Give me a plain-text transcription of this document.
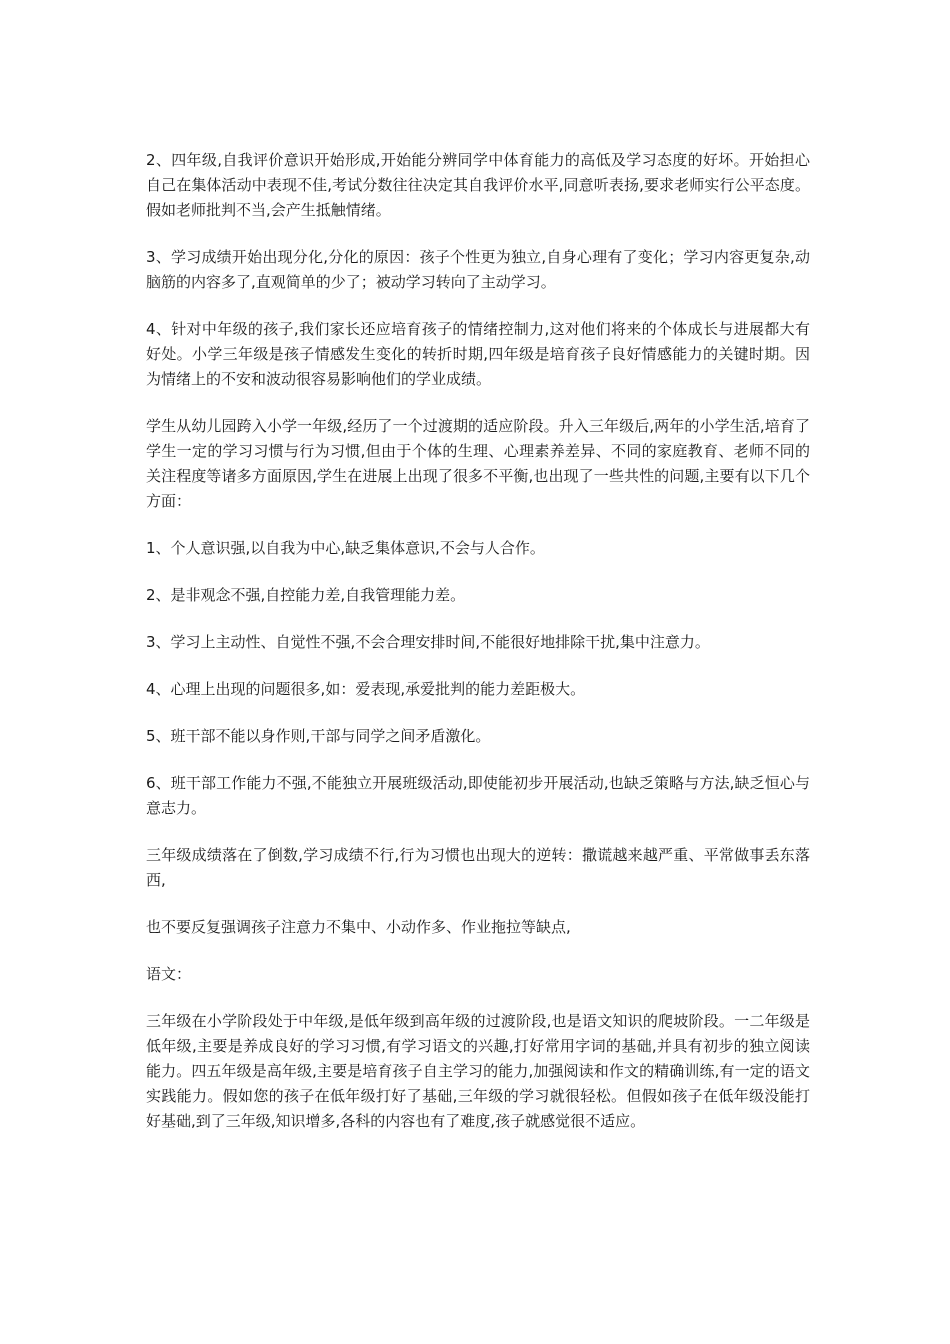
2、四年级,自我评价意识开始形成,开始能分辨同学中体育能力的高低及学习态度的好坏。开始担心自己在集体活动中表现不佳,考试分数往往决定其自我评价水平,同意听表扬,要求老师实行公平态度。假如老师批判不当,会产生抵触情绪。

3、学习成绩开始出现分化,分化的原因：孩子个性更为独立,自身心理有了变化；学习内容更复杂,动脑筋的内容多了,直观简单的少了；被动学习转向了主动学习。

4、针对中年级的孩子,我们家长还应培育孩子的情绪控制力,这对他们将来的个体成长与进展都大有好处。小学三年级是孩子情感发生变化的转折时期,四年级是培育孩子良好情感能力的关键时期。因为情绪上的不安和波动很容易影响他们的学业成绩。

学生从幼儿园跨入小学一年级,经历了一个过渡期的适应阶段。升入三年级后,两年的小学生活,培育了学生一定的学习习惯与行为习惯,但由于个体的生理、心理素养差异、不同的家庭教育、老师不同的关注程度等诸多方面原因,学生在进展上出现了很多不平衡,也出现了一些共性的问题,主要有以下几个方面：

1、个人意识强,以自我为中心,缺乏集体意识,不会与人合作。

2、是非观念不强,自控能力差,自我管理能力差。

3、学习上主动性、自觉性不强,不会合理安排时间,不能很好地排除干扰,集中注意力。

4、心理上出现的问题很多,如：爱表现,承爱批判的能力差距极大。

5、班干部不能以身作则,干部与同学之间矛盾激化。

6、班干部工作能力不强,不能独立开展班级活动,即使能初步开展活动,也缺乏策略与方法,缺乏恒心与意志力。

三年级成绩落在了倒数,学习成绩不行,行为习惯也出现大的逆转：撒谎越来越严重、平常做事丢东落西,

也不要反复强调孩子注意力不集中、小动作多、作业拖拉等缺点,

语文：

三年级在小学阶段处于中年级,是低年级到高年级的过渡阶段,也是语文知识的爬坡阶段。一二年级是低年级,主要是养成良好的学习习惯,有学习语文的兴趣,打好常用字词的基础,并具有初步的独立阅读能力。四五年级是高年级,主要是培育孩子自主学习的能力,加强阅读和作文的精确训练,有一定的语文实践能力。假如您的孩子在低年级打好了基础,三年级的学习就很轻松。但假如孩子在低年级没能打好基础,到了三年级,知识增多,各科的内容也有了难度,孩子就感觉很不适应。
